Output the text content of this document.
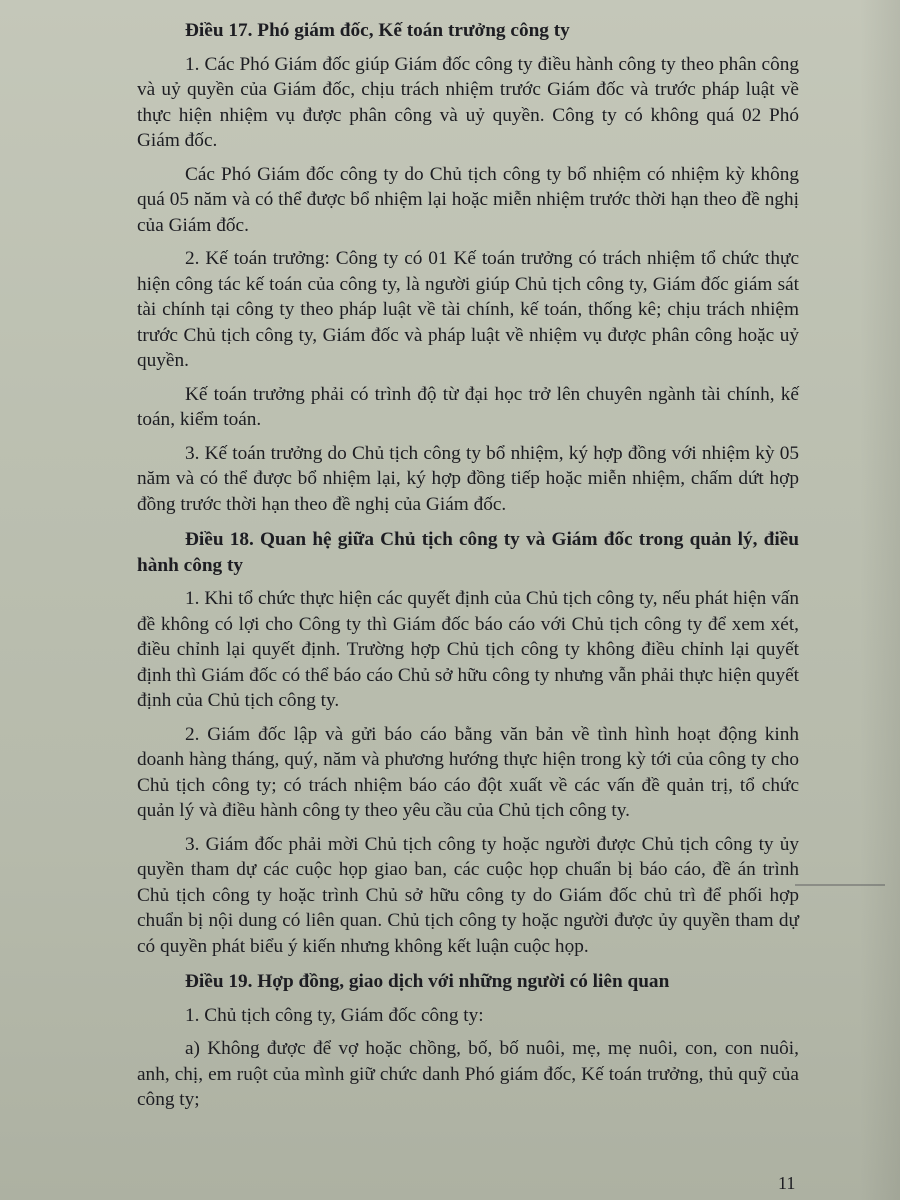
Điều 17. Phó giám đốc, Kế toán trưởng công ty

1. Các Phó Giám đốc giúp Giám đốc công ty điều hành công ty theo phân công và uỷ quyền của Giám đốc, chịu trách nhiệm trước Giám đốc và trước pháp luật về thực hiện nhiệm vụ được phân công và uỷ quyền. Công ty có không quá 02 Phó Giám đốc.

Các Phó Giám đốc công ty do Chủ tịch công ty bổ nhiệm có nhiệm kỳ không quá 05 năm và có thể được bổ nhiệm lại hoặc miễn nhiệm trước thời hạn theo đề nghị của Giám đốc.

2. Kế toán trưởng: Công ty có 01 Kế toán trưởng có trách nhiệm tổ chức thực hiện công tác kế toán của công ty, là người giúp Chủ tịch công ty, Giám đốc giám sát tài chính tại công ty theo pháp luật về tài chính, kế toán, thống kê; chịu trách nhiệm trước Chủ tịch công ty, Giám đốc và pháp luật về nhiệm vụ được phân công hoặc uỷ quyền.

Kế toán trưởng phải có trình độ từ đại học trở lên chuyên ngành tài chính, kế toán, kiểm toán.

3. Kế toán trưởng do Chủ tịch công ty bổ nhiệm, ký hợp đồng với nhiệm kỳ 05 năm và có thể được bổ nhiệm lại, ký hợp đồng tiếp hoặc miễn nhiệm, chấm dứt hợp đồng trước thời hạn theo đề nghị của Giám đốc.

Điều 18. Quan hệ giữa Chủ tịch công ty và Giám đốc trong quản lý, điều hành công ty

1. Khi tổ chức thực hiện các quyết định của Chủ tịch công ty, nếu phát hiện vấn đề không có lợi cho Công ty thì Giám đốc báo cáo với Chủ tịch công ty để xem xét, điều chỉnh lại quyết định. Trường hợp Chủ tịch công ty không điều chỉnh lại quyết định thì Giám đốc có thể báo cáo Chủ sở hữu công ty nhưng vẫn phải thực hiện quyết định của Chủ tịch công ty.

2. Giám đốc lập và gửi báo cáo bằng văn bản về tình hình hoạt động kinh doanh hàng tháng, quý, năm và phương hướng thực hiện trong kỳ tới của công ty cho Chủ tịch công ty; có trách nhiệm báo cáo đột xuất về các vấn đề quản trị, tổ chức quản lý và điều hành công ty theo yêu cầu của Chủ tịch công ty.

3. Giám đốc phải mời Chủ tịch công ty hoặc người được Chủ tịch công ty ủy quyền tham dự các cuộc họp giao ban, các cuộc họp chuẩn bị báo cáo, đề án trình Chủ tịch công ty hoặc trình Chủ sở hữu công ty do Giám đốc chủ trì để phối hợp chuẩn bị nội dung có liên quan. Chủ tịch công ty hoặc người được ủy quyền tham dự có quyền phát biểu ý kiến nhưng không kết luận cuộc họp.

Điều 19. Hợp đồng, giao dịch với những người có liên quan

1. Chủ tịch công ty, Giám đốc công ty:

a) Không được để vợ hoặc chồng, bố, bố nuôi, mẹ, mẹ nuôi, con, con nuôi, anh, chị, em ruột của mình giữ chức danh Phó giám đốc, Kế toán trưởng, thủ quỹ của công ty;

11
